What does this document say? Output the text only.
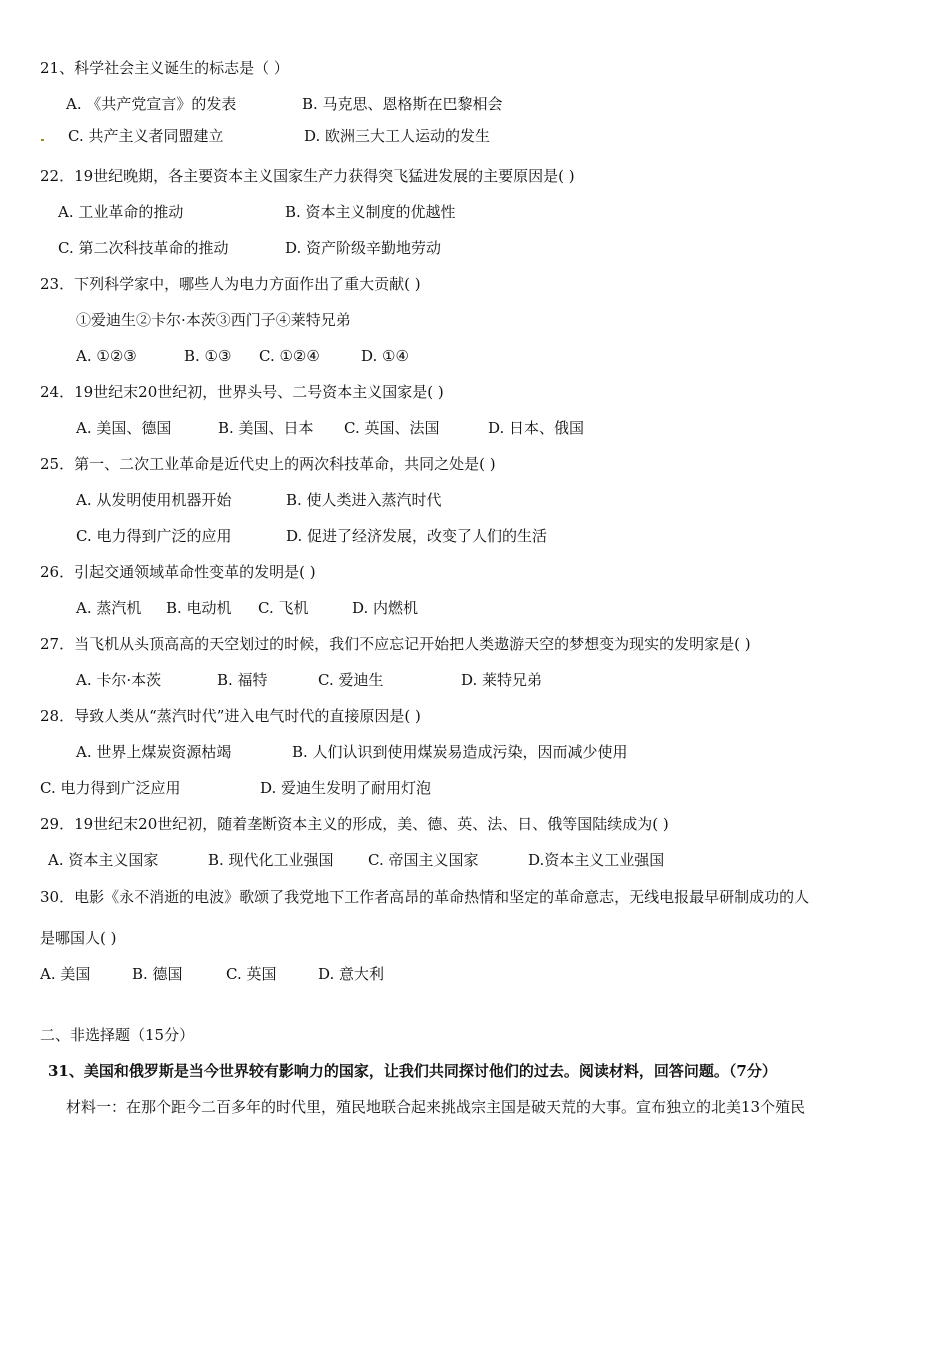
21、科学社会主义诞生的标志是（ ）
A. 《共产党宣言》的发表	B. 马克思、恩格斯在巴黎相会
C. 共产主义者同盟建立	D. 欧洲三大工人运动的发生
22．19世纪晚期，各主要资本主义国家生产力获得突飞猛进发展的主要原因是( )
A. 工业革命的推动	B. 资本主义制度的优越性
C. 第二次科技革命的推动	D. 资产阶级辛勤地劳动
23．下列科学家中，哪些人为电力方面作出了重大贡献( )
①爱迪生②卡尔·本茨③西门子④莱特兄弟
A. ①②③	B. ①③ C. ①②④	D. ①④
24．19世纪末20世纪初，世界头号、二号资本主义国家是( )
A. 美国、德国	B. 美国、日本 C. 英国、法国	D. 日本、俄国
25．第一、二次工业革命是近代史上的两次科技革命，共同之处是( )
A. 从发明使用机器开始	B. 使人类进入蒸汽时代
C. 电力得到广泛的应用	D. 促进了经济发展，改变了人们的生活
26．引起交通领域革命性变革的发明是( )
A. 蒸汽机 B. 电动机 C. 飞机	D. 内燃机
27．当飞机从头顶高高的天空划过的时候，我们不应忘记开始把人类遨游天空的梦想变为现实的发明家是( )
A. 卡尔·本茨	B. 福特	C. 爱迪生	D. 莱特兄弟
28．导致人类从“蒸汽时代”进入电气时代的直接原因是( )
A. 世界上煤炭资源枯竭	B. 人们认识到使用煤炭易造成污染，因而减少使用
C. 电力得到广泛应用	D. 爱迪生发明了耐用灯泡
29．19世纪末20世纪初，随着垄断资本主义的形成，美、德、英、法、日、俄等国陆续成为( )
A. 资本主义国家	B. 现代化工业强国 C. 帝国主义国家	D.资本主义工业强国
30．电影《永不消逝的电波》歌颂了我党地下工作者高昂的革命热情和坚定的革命意志，无线电报最早研制成功的人
是哪国人( )
A. 美国	B. 德国	C. 英国	D. 意大利
二、非选择题（15分）
31、美国和俄罗斯是当今世界较有影响力的国家，让我们共同探讨他们的过去。阅读材料，回答问题。（7分）
材料一：在那个距今二百多年的时代里，殖民地联合起来挑战宗主国是破天荒的大事。宣布独立的北美13个殖民
